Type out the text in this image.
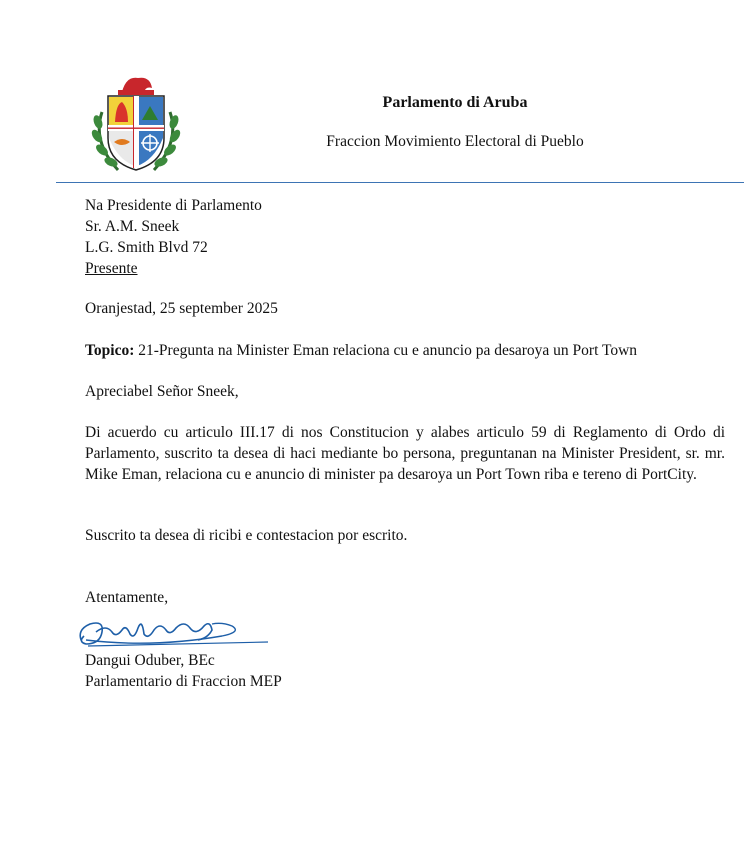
Parlamento di Aruba
Fraccion Movimiento Electoral di Pueblo
Na Presidente di Parlamento
Sr. A.M. Sneek
L.G. Smith Blvd 72
Presente
Oranjestad, 25 september 2025
Topico: 21-Pregunta na Minister Eman relaciona cu e anuncio pa desaroya un Port Town
Apreciabel Señor Sneek,
Di acuerdo cu articulo III.17 di nos Constitucion y alabes articulo 59 di Reglamento di Ordo di Parlamento, suscrito ta desea di haci mediante bo persona, preguntanan na Minister President, sr. mr. Mike Eman, relaciona cu e anuncio di minister pa desaroya un Port Town riba e tereno di PortCity.
Suscrito ta desea di ricibi e contestacion por escrito.
Atentamente,
Dangui Oduber, BEc
Parlamentario di Fraccion MEP
